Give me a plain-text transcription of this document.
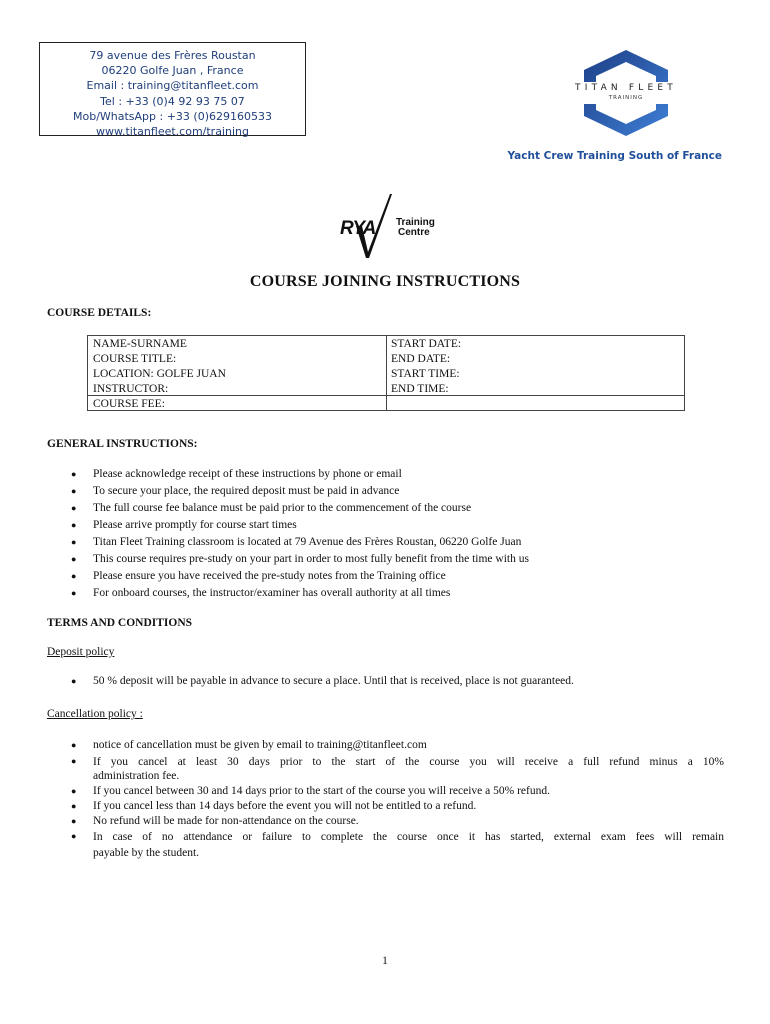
79 avenue des Frères Roustan
06220 Golfe Juan , France
Email : training@titanfleet.com
Tel : +33 (0)4 92 93 75 07
Mob/WhatsApp : +33 (0)629160533
www.titanfleet.com/training
TITAN FLEET
TRAINING
Yacht Crew Training South of France
RYA Training
Centre
COURSE JOINING INSTRUCTIONS
COURSE DETAILS:
NAME-SURNAME
COURSE TITLE:
LOCATION: GOLFE JUAN
INSTRUCTOR:
COURSE FEE:
START DATE:
END DATE:
START TIME:
END TIME:
GENERAL INSTRUCTIONS:
● Please acknowledge receipt of these instructions by phone or email
● To secure your place, the required deposit must be paid in advance
● The full course fee balance must be paid prior to the commencement of the course
● Please arrive promptly for course start times
● Titan Fleet Training classroom is located at 79 Avenue des Frères Roustan, 06220 Golfe Juan
● This course requires pre-study on your part in order to most fully benefit from the time with us
● Please ensure you have received the pre-study notes from the Training office
● For onboard courses, the instructor/examiner has overall authority at all times
TERMS AND CONDITIONS
Deposit policy
● 50 % deposit will be payable in advance to secure a place. Until that is received, place is not guaranteed.
Cancellation policy :
● notice of cancellation must be given by email to training@titanfleet.com
● If you cancel at least 30 days prior to the start of the course you will receive a full refund minus a 10%
administration fee.
● If you cancel between 30 and 14 days prior to the start of the course you will receive a 50% refund.
● If you cancel less than 14 days before the event you will not be entitled to a refund.
● No refund will be made for non-attendance on the course.
● In case of no attendance or failure to complete the course once it has started, external exam fees will remain
payable by the student.
1
